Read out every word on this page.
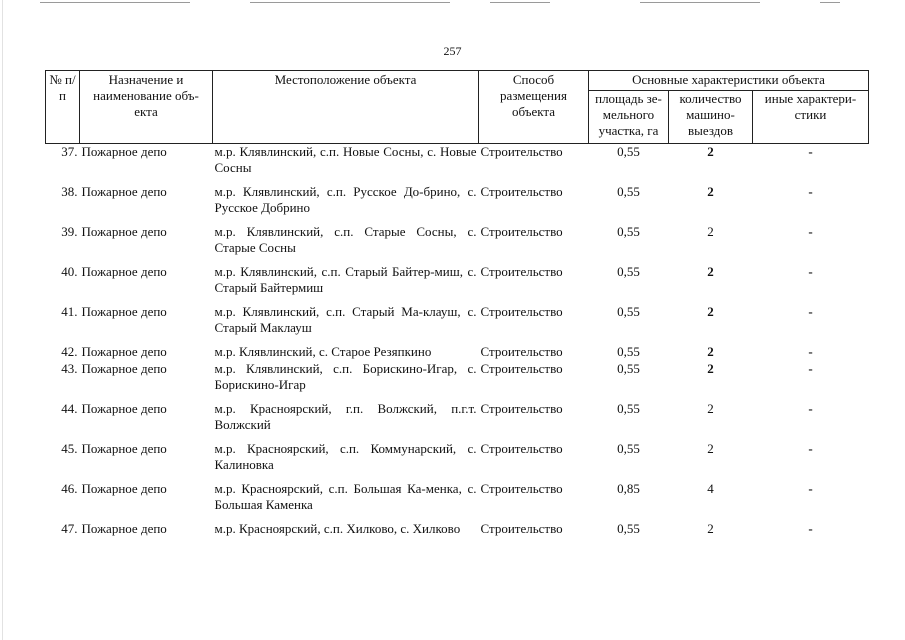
257
№ п/п	Назначение и наименование объ-екта	Местоположение объекта	Способ размещения объекта	Основные характеристики объекта		
				площадь зе-мельного участка, га	количество машино-выездов	иные характери-стики
37.	Пожарное депо	м.р. Клявлинский, с.п. Новые Сосны, с. Новые Сосны	Строительство	0,55	2	-
38.	Пожарное депо	м.р. Клявлинский, с.п. Русское До-брино, с. Русское Добрино	Строительство	0,55	2	-
39.	Пожарное депо	м.р. Клявлинский, с.п. Старые Сосны, с. Старые Сосны	Строительство	0,55	2	-
40.	Пожарное депо	м.р. Клявлинский, с.п. Старый Байтер-миш, с. Старый Байтермиш	Строительство	0,55	2	-
41.	Пожарное депо	м.р. Клявлинский, с.п. Старый Ма-клауш, с. Старый Маклауш	Строительство	0,55	2	-
42.	Пожарное депо	м.р. Клявлинский, с. Старое Резяпкино	Строительство	0,55	2	-
43.	Пожарное депо	м.р. Клявлинский, с.п. Борискино-Игар, с. Борискино-Игар	Строительство	0,55	2	-
44.	Пожарное депо	м.р. Красноярский, г.п. Волжский, п.г.т. Волжский	Строительство	0,55	2	-
45.	Пожарное депо	м.р. Красноярский, с.п. Коммунарский, с. Калиновка	Строительство	0,55	2	-
46.	Пожарное депо	м.р. Красноярский, с.п. Большая Ка-менка, с. Большая Каменка	Строительство	0,85	4	-
47.	Пожарное депо	м.р. Красноярский, с.п. Хилково, с. Хилково	Строительство	0,55	2	-
